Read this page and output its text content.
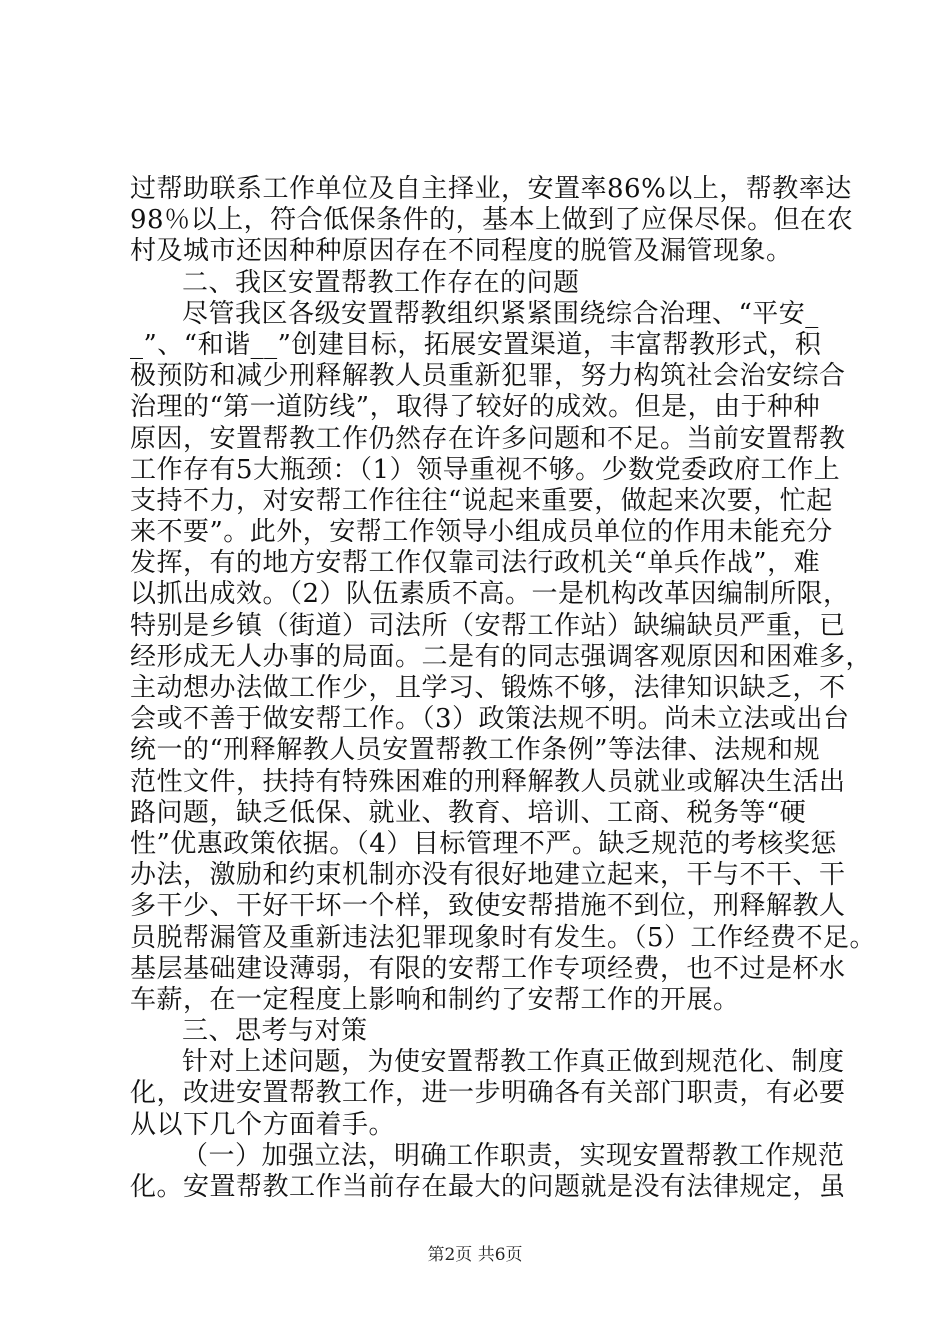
过帮助联系工作单位及自主择业，安置率86%以上，帮教率达
98％以上，符合低保条件的，基本上做到了应保尽保。但在农
村及城市还因种种原因存在不同程度的脱管及漏管现象。
二、我区安置帮教工作存在的问题
尽管我区各级安置帮教组织紧紧围绕综合治理、“平安_
_”、“和谐__”创建目标，拓展安置渠道，丰富帮教形式，积
极预防和减少刑释解教人员重新犯罪，努力构筑社会治安综合
治理的“第一道防线”，取得了较好的成效。但是，由于种种
原因，安置帮教工作仍然存在许多问题和不足。当前安置帮教
工作存有5大瓶颈：（1）领导重视不够。少数党委政府工作上
支持不力，对安帮工作往往“说起来重要，做起来次要，忙起
来不要”。此外，安帮工作领导小组成员单位的作用未能充分
发挥，有的地方安帮工作仅靠司法行政机关“单兵作战”，难
以抓出成效。（2）队伍素质不高。一是机构改革因编制所限，
特别是乡镇（街道）司法所（安帮工作站）缺编缺员严重，已
经形成无人办事的局面。二是有的同志强调客观原因和困难多，
主动想办法做工作少，且学习、锻炼不够，法律知识缺乏，不
会或不善于做安帮工作。（3）政策法规不明。尚未立法或出台
统一的“刑释解教人员安置帮教工作条例”等法律、法规和规
范性文件，扶持有特殊困难的刑释解教人员就业或解决生活出
路问题，缺乏低保、就业、教育、培训、工商、税务等“硬
性”优惠政策依据。（4）目标管理不严。缺乏规范的考核奖惩
办法，激励和约束机制亦没有很好地建立起来，干与不干、干
多干少、干好干坏一个样，致使安帮措施不到位，刑释解教人
员脱帮漏管及重新违法犯罪现象时有发生。（5）工作经费不足。
基层基础建设薄弱，有限的安帮工作专项经费，也不过是杯水
车薪，在一定程度上影响和制约了安帮工作的开展。
三、思考与对策
针对上述问题，为使安置帮教工作真正做到规范化、制度
化，改进安置帮教工作，进一步明确各有关部门职责，有必要
从以下几个方面着手。
（一）加强立法，明确工作职责，实现安置帮教工作规范
化。安置帮教工作当前存在最大的问题就是没有法律规定，虽
第2页 共6页
